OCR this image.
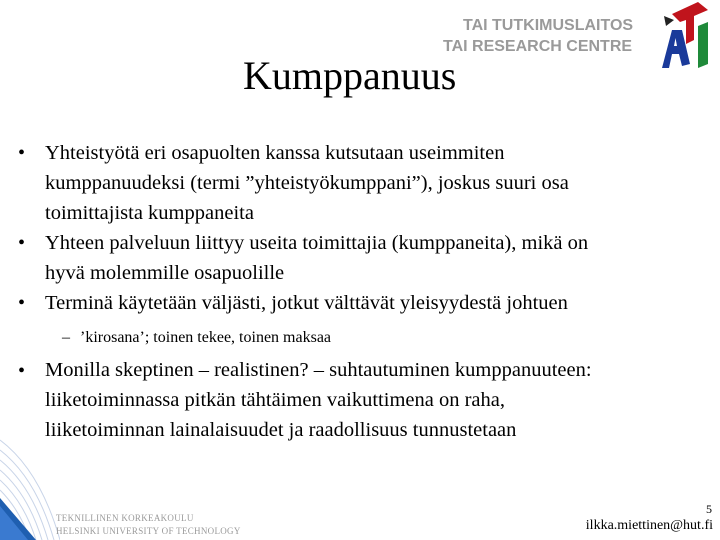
TAI TUTKIMUSLAITOS
TAI RESEARCH CENTRE
Kumppanuus
• Yhteistyötä eri osapuolten kanssa kutsutaan useimmiten
kumppanuudeksi (termi ”yhteistyökumppani”), joskus suuri osa
toimittajista kumppaneita
• Yhteen palveluun liittyy useita toimittajia (kumppaneita), mikä on
hyvä molemmille osapuolille
• Terminä käytetään väljästi, jotkut välttävät yleisyydestä johtuen
– ’kirosana’; toinen tekee, toinen maksaa
• Monilla skeptinen – realistinen? – suhtautuminen kumppanuuteen:
liiketoiminnassa pitkän tähtäimen vaikuttimena on raha,
liiketoiminnan lainalaisuudet ja raadollisuus tunnustetaan
TEKNILLINEN KORKEAKOULU
HELSINKI UNIVERSITY OF TECHNOLOGY
5
ilkka.miettinen@hut.fi
